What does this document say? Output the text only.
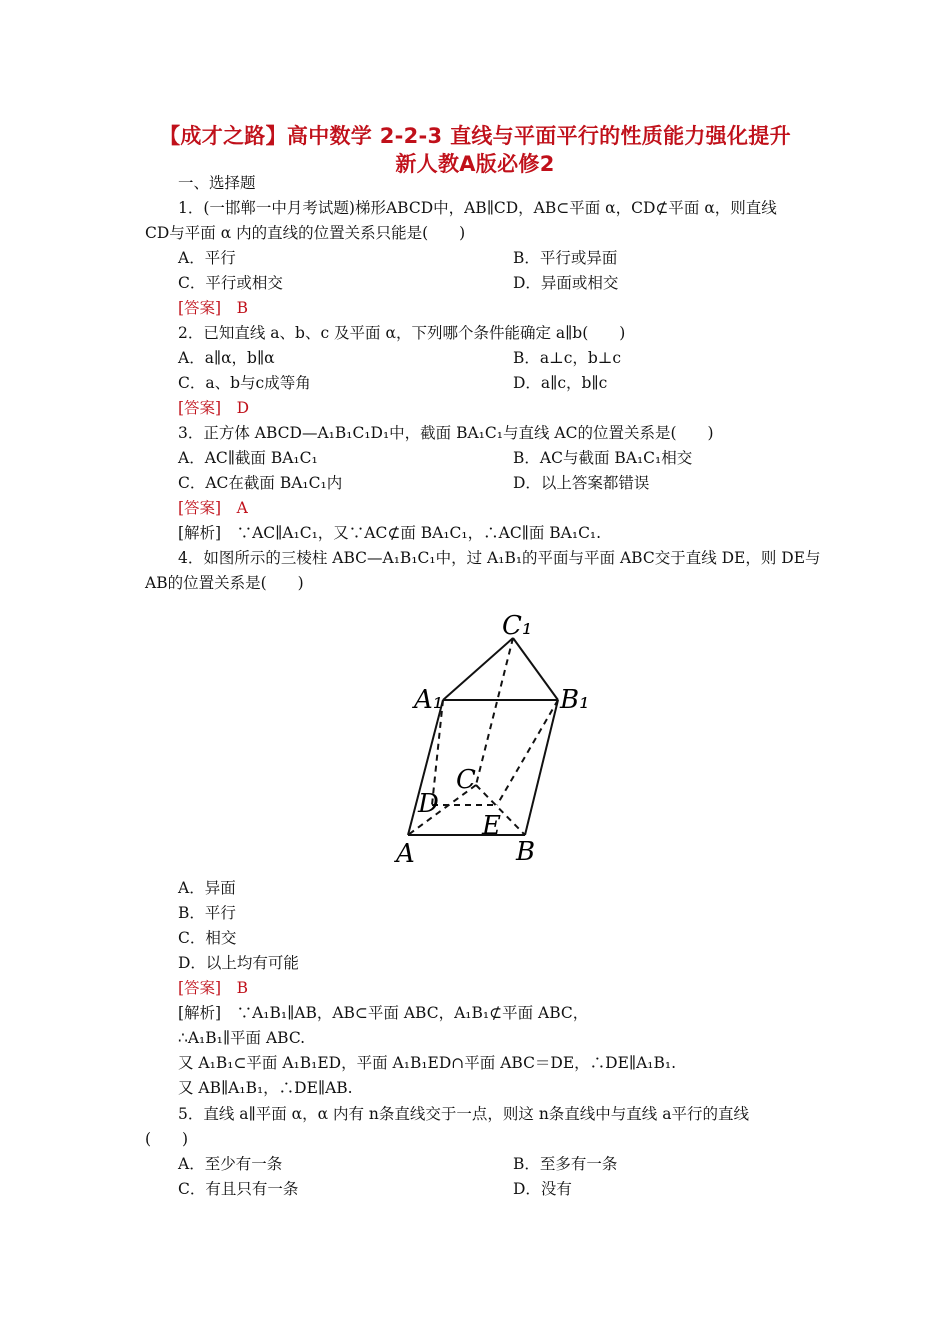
【成才之路】高中数学 2-2-3 直线与平面平行的性质能力强化提升
新人教A版必修2
一、选择题
1．(一邯郸一中月考试题)梯形ABCD中，AB∥CD，AB⊂平面 α，CD⊄平面 α，则直线
CD与平面 α 内的直线的位置关系只能是(　　)
A．平行	B．平行或异面
C．平行或相交	D．异面或相交
[答案]　B
2．已知直线 a、b、c 及平面 α，下列哪个条件能确定 a∥b(　　)
A．a∥α，b∥α	B．a⊥c，b⊥c
C．a、b与c成等角	D．a∥c，b∥c
[答案]　D
3．正方体 ABCD—A₁B₁C₁D₁中，截面 BA₁C₁与直线 AC的位置关系是(　　)
A．AC∥截面 BA₁C₁	B．AC与截面 BA₁C₁相交
C．AC在截面 BA₁C₁内	D．以上答案都错误
[答案]　A
[解析]　∵AC∥A₁C₁，又∵AC⊄面 BA₁C₁，∴AC∥面 BA₁C₁.
4．如图所示的三棱柱 ABC—A₁B₁C₁中，过 A₁B₁的平面与平面 ABC交于直线 DE，则 DE与
AB的位置关系是(　　)
C₁
A₁	B₁
C
D
E
A	B
A．异面
B．平行
C．相交
D．以上均有可能
[答案]　B
[解析]　∵A₁B₁∥AB，AB⊂平面 ABC，A₁B₁⊄平面 ABC，
∴A₁B₁∥平面 ABC.
又 A₁B₁⊂平面 A₁B₁ED，平面 A₁B₁ED∩平面 ABC＝DE，∴DE∥A₁B₁.
又 AB∥A₁B₁，∴DE∥AB.
5．直线 a∥平面 α，α 内有 n条直线交于一点，则这 n条直线中与直线 a平行的直线
(　　)
A．至少有一条	B．至多有一条
C．有且只有一条	D．没有
